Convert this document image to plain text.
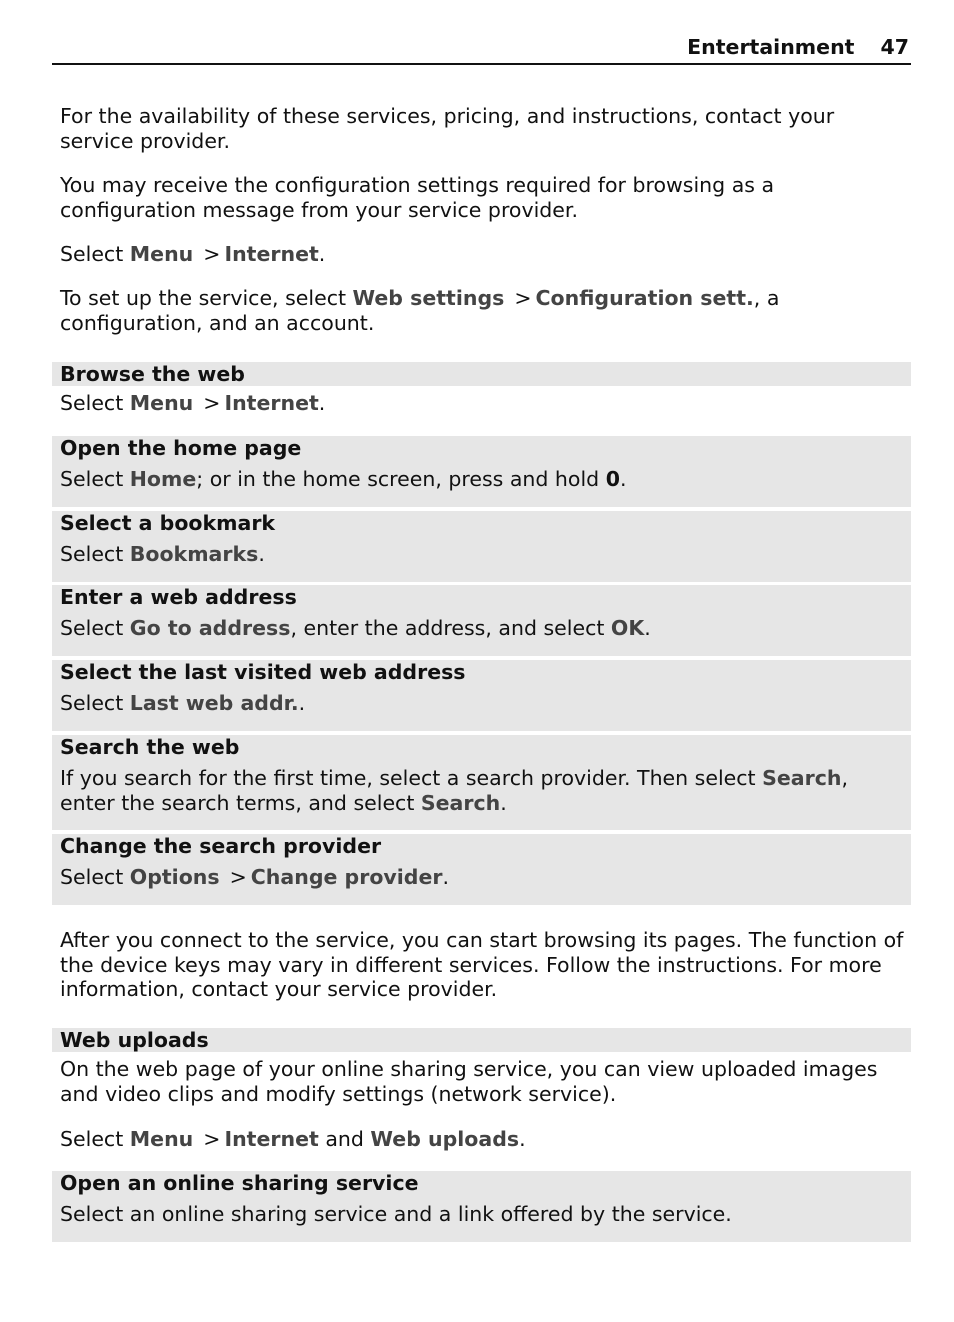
Entertainment 47

For the availability of these services, pricing, and instructions, contact your service provider.

You may receive the configuration settings required for browsing as a configuration message from your service provider.

Select Menu > Internet.

To set up the service, select Web settings > Configuration sett., a configuration, and an account.

Browse the web

Select Menu > Internet.

Open the home page
Select Home; or in the home screen, press and hold 0.
Select a bookmark
Select Bookmarks.
Enter a web address
Select Go to address, enter the address, and select OK.
Select the last visited web address
Select Last web addr..
Search the web
If you search for the first time, select a search provider. Then select Search, enter the search terms, and select Search.
Change the search provider
Select Options > Change provider.

After you connect to the service, you can start browsing its pages. The function of the device keys may vary in different services. Follow the instructions. For more information, contact your service provider.

Web uploads

On the web page of your online sharing service, you can view uploaded images and video clips and modify settings (network service).

Select Menu > Internet and Web uploads.

Open an online sharing service
Select an online sharing service and a link offered by the service.
